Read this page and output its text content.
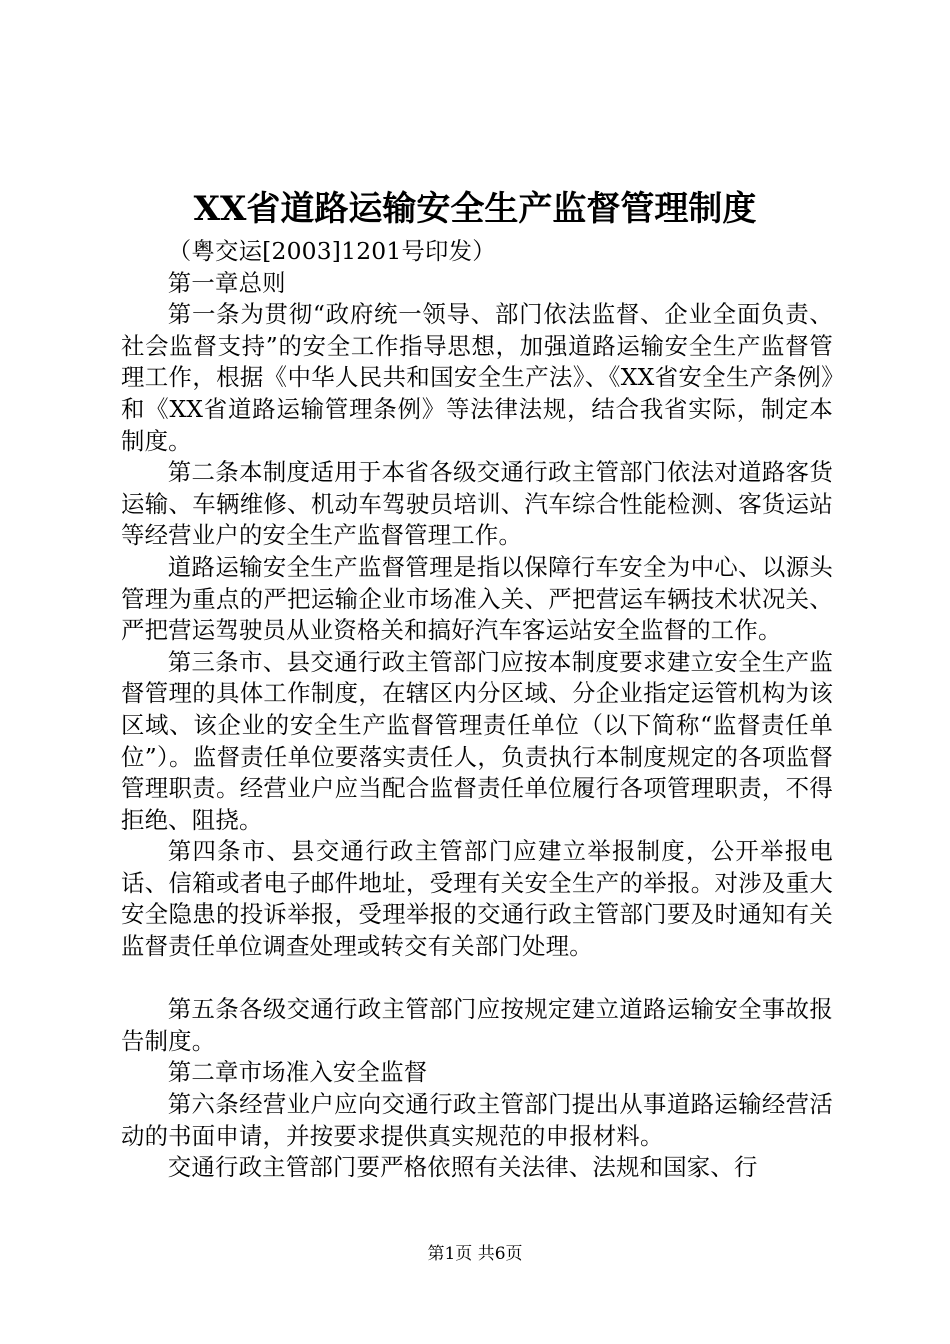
XX省道路运输安全生产监督管理制度

（粤交运[2003]1201号印发）

第一章总则

第一条为贯彻“政府统一领导、部门依法监督、企业全面负责、社会监督支持”的安全工作指导思想，加强道路运输安全生产监督管理工作，根据《中华人民共和国安全生产法》、《XX省安全生产条例》和《XX省道路运输管理条例》等法律法规，结合我省实际，制定本制度。

第二条本制度适用于本省各级交通行政主管部门依法对道路客货运输、车辆维修、机动车驾驶员培训、汽车综合性能检测、客货运站等经营业户的安全生产监督管理工作。

道路运输安全生产监督管理是指以保障行车安全为中心、以源头管理为重点的严把运输企业市场准入关、严把营运车辆技术状况关、严把营运驾驶员从业资格关和搞好汽车客运站安全监督的工作。

第三条市、县交通行政主管部门应按本制度要求建立安全生产监督管理的具体工作制度，在辖区内分区域、分企业指定运管机构为该区域、该企业的安全生产监督管理责任单位（以下简称“监督责任单位”）。监督责任单位要落实责任人，负责执行本制度规定的各项监督管理职责。经营业户应当配合监督责任单位履行各项管理职责，不得拒绝、阻挠。

第四条市、县交通行政主管部门应建立举报制度，公开举报电话、信箱或者电子邮件地址，受理有关安全生产的举报。对涉及重大安全隐患的投诉举报，受理举报的交通行政主管部门要及时通知有关监督责任单位调查处理或转交有关部门处理。

第五条各级交通行政主管部门应按规定建立道路运输安全事故报告制度。

第二章市场准入安全监督

第六条经营业户应向交通行政主管部门提出从事道路运输经营活动的书面申请，并按要求提供真实规范的申报材料。

交通行政主管部门要严格依照有关法律、法规和国家、行

第1页 共6页
